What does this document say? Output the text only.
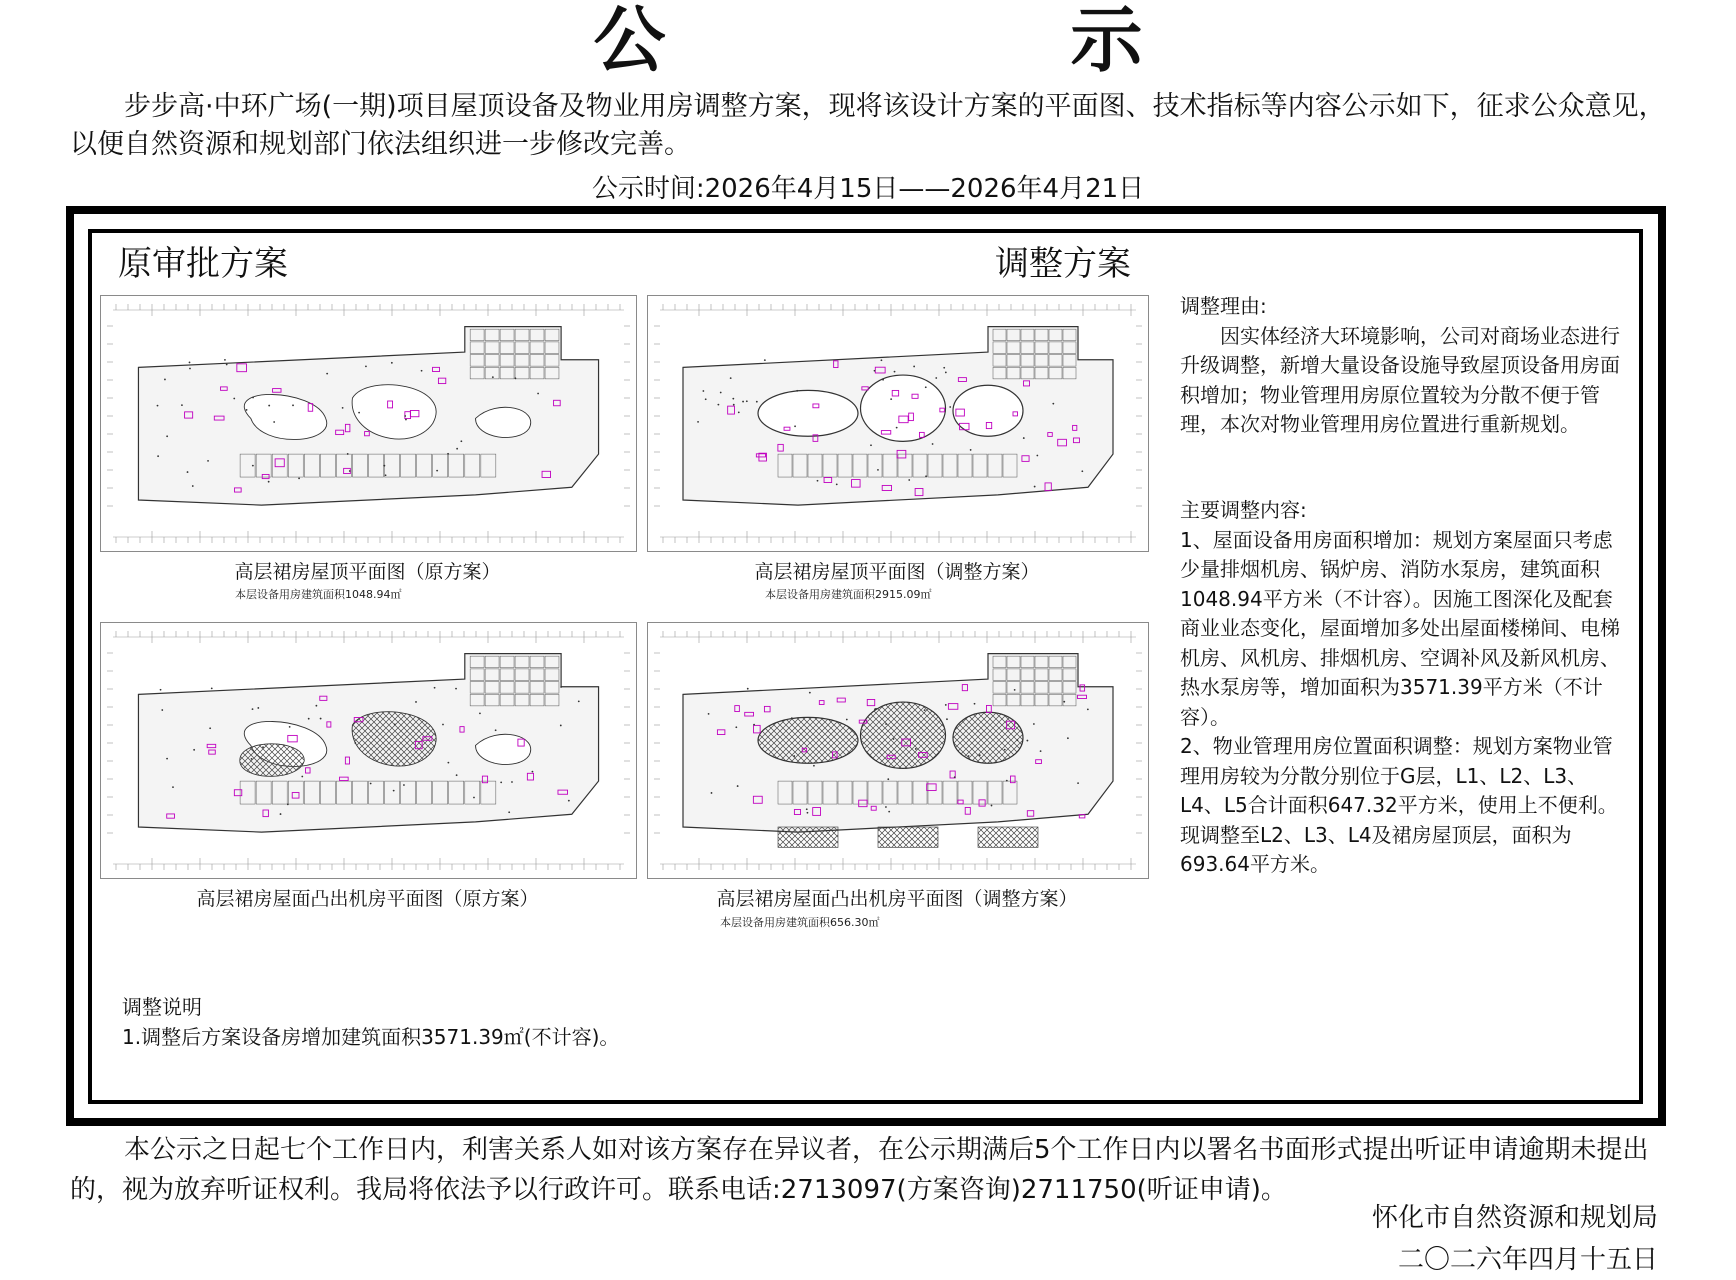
公 示
步步高·中环广场(一期)项目屋顶设备及物业用房调整方案，现将该设计方案的平面图、技术指标等内容公示如下，征求公众意见，以便自然资源和规划部门依法组织进一步修改完善。
公示时间:2026年4月15日——2026年4月21日
原审批方案	调整方案
高层裙房屋顶平面图（原方案）
本层设备用房建筑面积1048.94㎡
高层裙房屋顶平面图（调整方案）
本层设备用房建筑面积2915.09㎡
高层裙房屋面凸出机房平面图（原方案）	高层裙房屋面凸出机房平面图（调整方案）
本层设备用房建筑面积656.30㎡
调整理由:
因实体经济大环境影响，公司对商场业态进行升级调整，新增大量设备设施导致屋顶设备用房面积增加；物业管理用房原位置较为分散不便于管理，本次对物业管理用房位置进行重新规划。
主要调整内容:
1、屋面设备用房面积增加：规划方案屋面只考虑少量排烟机房、锅炉房、消防水泵房，建筑面积1048.94平方米（不计容）。因施工图深化及配套商业业态变化，屋面增加多处出屋面楼梯间、电梯机房、风机房、排烟机房、空调补风及新风机房、热水泵房等，增加面积为3571.39平方米（不计容）。
2、物业管理用房位置面积调整：规划方案物业管理用房较为分散分别位于G层，L1、L2、L3、L4、L5合计面积647.32平方米，使用上不便利。现调整至L2、L3、L4及裙房屋顶层，面积为693.64平方米。
调整说明
1.调整后方案设备房增加建筑面积3571.39㎡(不计容)。
本公示之日起七个工作日内，利害关系人如对该方案存在异议者，在公示期满后5个工作日内以署名书面形式提出听证申请逾期未提出的，视为放弃听证权利。我局将依法予以行政许可。联系电话:2713097(方案咨询)2711750(听证申请)。
怀化市自然资源和规划局
二〇二六年四月十五日
